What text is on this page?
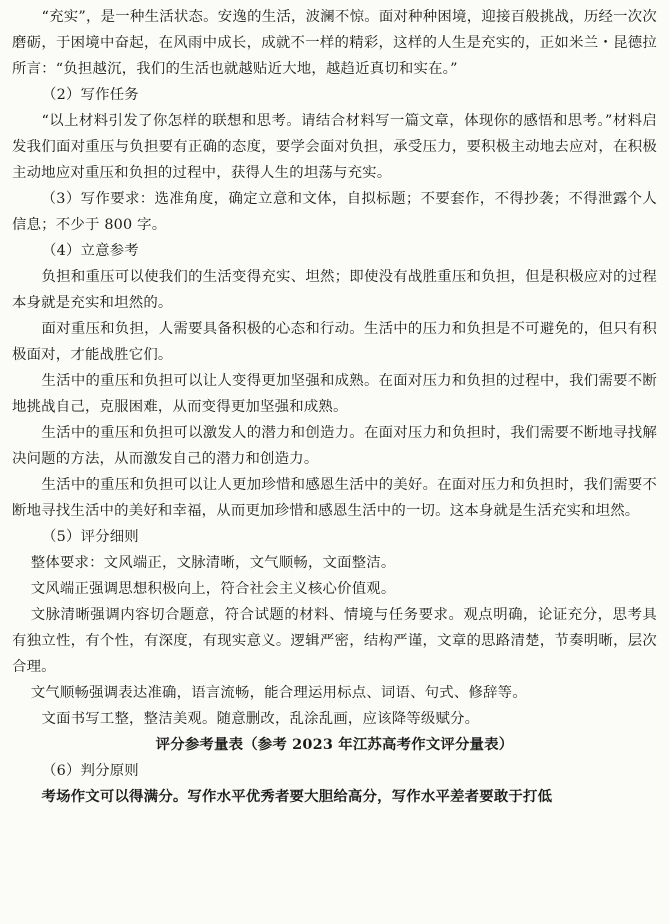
“充实”，是一种生活状态。安逸的生活，波澜不惊。面对种种困境，迎接百般挑战，历经一次次磨砺，于困境中奋起，在风雨中成长，成就不一样的精彩，这样的人生是充实的，正如米兰・昆德拉所言：“负担越沉，我们的生活也就越贴近大地，越趋近真切和实在。”

（2）写作任务

“以上材料引发了你怎样的联想和思考。请结合材料写一篇文章，体现你的感悟和思考。”材料启发我们面对重压与负担要有正确的态度，要学会面对负担，承受压力，要积极主动地去应对，在积极主动地应对重压和负担的过程中，获得人生的坦荡与充实。

（3）写作要求：选准角度，确定立意和文体，自拟标题；不要套作，不得抄袭；不得泄露个人信息；不少于 800 字。

（4）立意参考

负担和重压可以使我们的生活变得充实、坦然；即使没有战胜重压和负担，但是积极应对的过程本身就是充实和坦然的。

面对重压和负担，人需要具备积极的心态和行动。生活中的压力和负担是不可避免的，但只有积极面对，才能战胜它们。

生活中的重压和负担可以让人变得更加坚强和成熟。在面对压力和负担的过程中，我们需要不断地挑战自己，克服困难，从而变得更加坚强和成熟。

生活中的重压和负担可以激发人的潜力和创造力。在面对压力和负担时，我们需要不断地寻找解决问题的方法，从而激发自己的潜力和创造力。

生活中的重压和负担可以让人更加珍惜和感恩生活中的美好。在面对压力和负担时，我们需要不断地寻找生活中的美好和幸福，从而更加珍惜和感恩生活中的一切。这本身就是生活充实和坦然。

（5）评分细则

整体要求：文风端正，文脉清晰，文气顺畅，文面整洁。

文风端正强调思想积极向上，符合社会主义核心价值观。

文脉清晰强调内容切合题意，符合试题的材料、情境与任务要求。观点明确，论证充分，思考具有独立性，有个性，有深度，有现实意义。逻辑严密，结构严谨，文章的思路清楚，节奏明晰，层次合理。

文气顺畅强调表达准确，语言流畅，能合理运用标点、词语、句式、修辞等。

文面书写工整，整洁美观。随意删改，乱涂乱画，应该降等级赋分。

评分参考量表（参考 2023 年江苏高考作文评分量表）

（6）判分原则

考场作文可以得满分。写作水平优秀者要大胆给高分，写作水平差者要敢于打低
